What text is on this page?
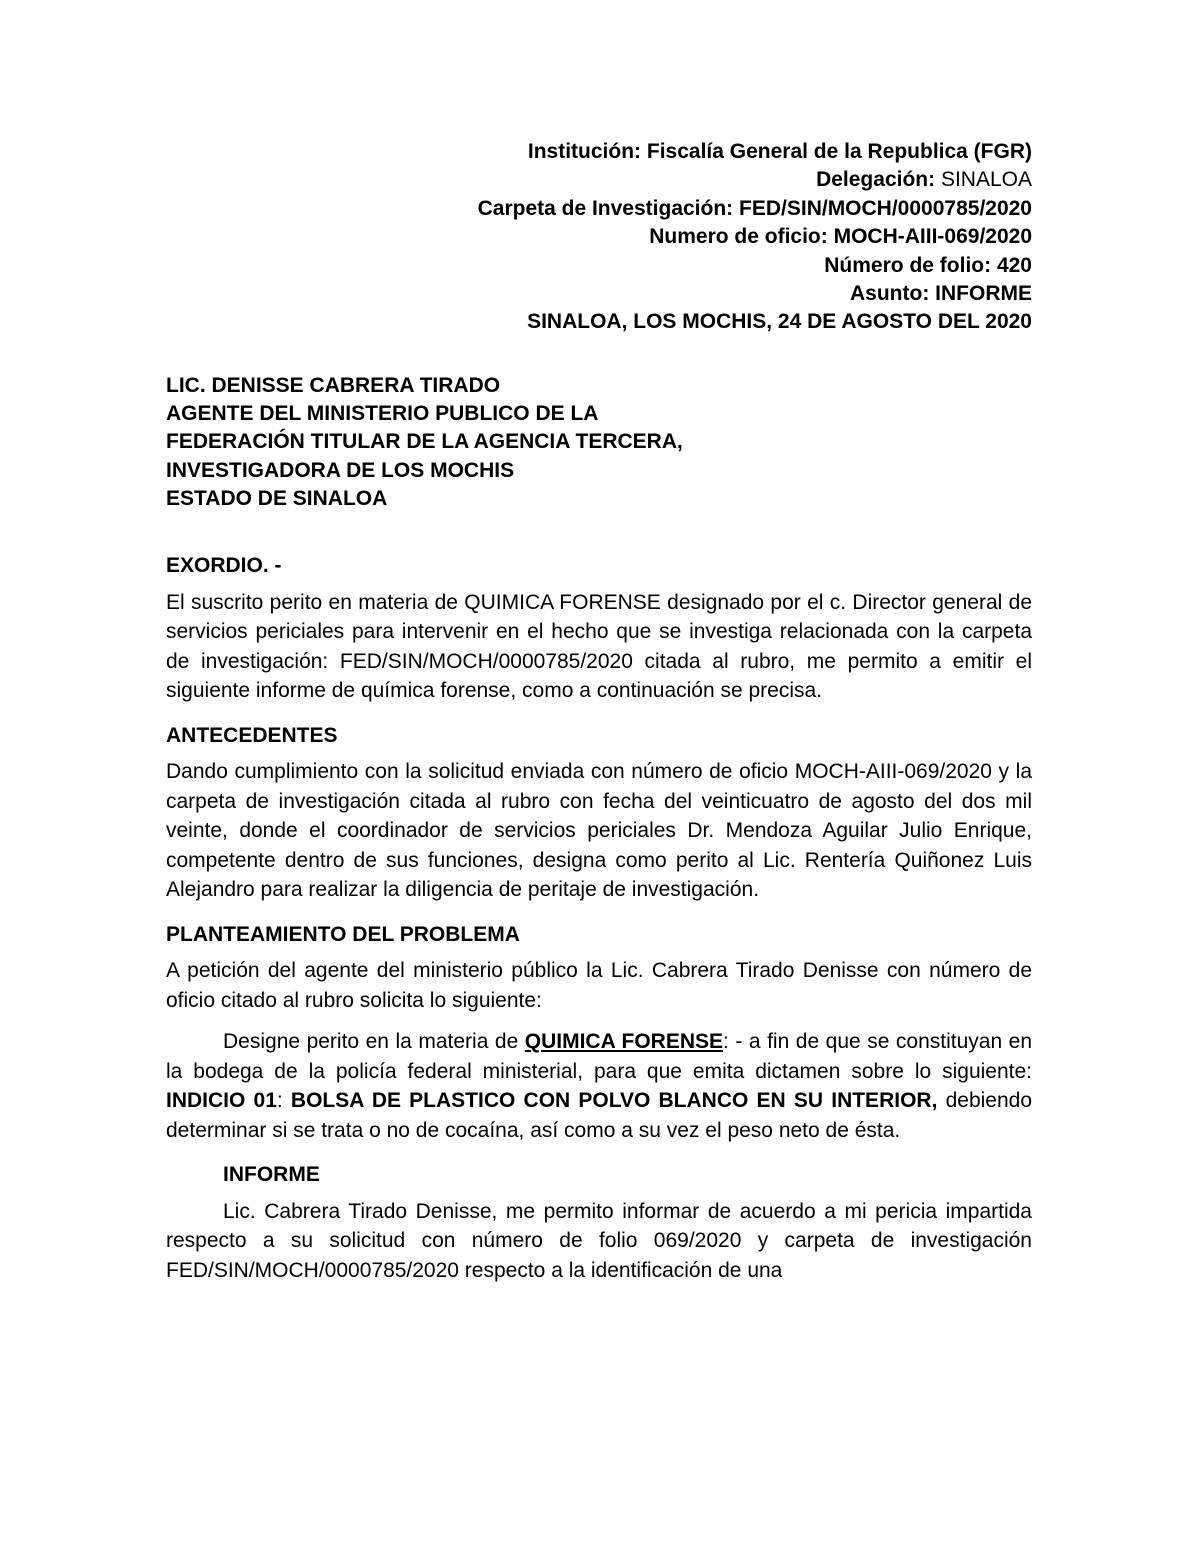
Institución: Fiscalía General de la Republica (FGR)
Delegación: SINALOA
Carpeta de Investigación: FED/SIN/MOCH/0000785/2020
Numero de oficio: MOCH-AIII-069/2020
Número de folio: 420
Asunto: INFORME
SINALOA, LOS MOCHIS, 24 DE AGOSTO DEL 2020
LIC. DENISSE CABRERA TIRADO
AGENTE DEL MINISTERIO PUBLICO DE LA
FEDERACIÓN TITULAR DE LA AGENCIA TERCERA,
INVESTIGADORA DE LOS MOCHIS
ESTADO DE SINALOA
EXORDIO. -

El suscrito perito en materia de QUIMICA FORENSE designado por el c. Director general de servicios periciales para intervenir en el hecho que se investiga relacionada con la carpeta de investigación: FED/SIN/MOCH/0000785/2020 citada al rubro, me permito a emitir el siguiente informe de química forense, como a continuación se precisa.

ANTECEDENTES

Dando cumplimiento con la solicitud enviada con número de oficio MOCH-AIII-069/2020 y la carpeta de investigación citada al rubro con fecha del veinticuatro de agosto del dos mil veinte, donde el coordinador de servicios periciales Dr. Mendoza Aguilar Julio Enrique, competente dentro de sus funciones, designa como perito al Lic. Rentería Quiñonez Luis Alejandro para realizar la diligencia de peritaje de investigación.

PLANTEAMIENTO DEL PROBLEMA

A petición del agente del ministerio público la Lic. Cabrera Tirado Denisse con número de oficio citado al rubro solicita lo siguiente:

Designe perito en la materia de QUIMICA FORENSE: - a fin de que se constituyan en la bodega de la policía federal ministerial, para que emita dictamen sobre lo siguiente: INDICIO 01: BOLSA DE PLASTICO CON POLVO BLANCO EN SU INTERIOR, debiendo determinar si se trata o no de cocaína, así como a su vez el peso neto de ésta.

INFORME

Lic. Cabrera Tirado Denisse, me permito informar de acuerdo a mi pericia impartida respecto a su solicitud con número de folio 069/2020 y carpeta de investigación FED/SIN/MOCH/0000785/2020 respecto a la identificación de una
